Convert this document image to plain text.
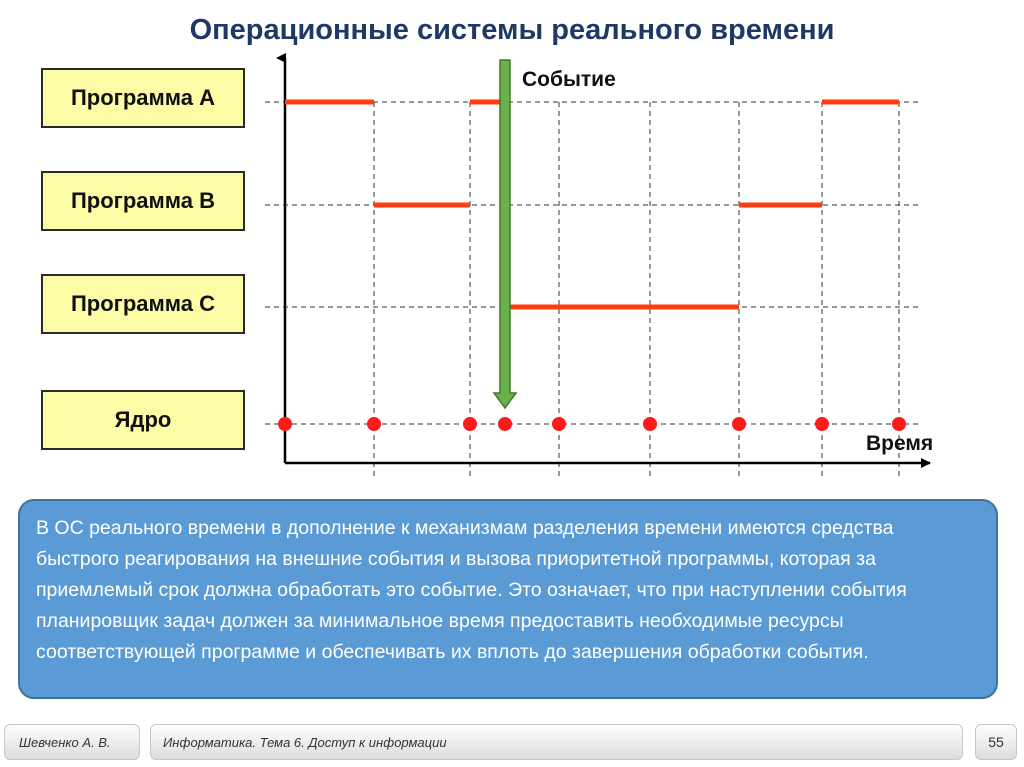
Операционные системы реального времени
Программа A
Программа B
Программа C
Ядро
Событие
Время
В ОС реального времени в дополнение к механизмам разделения времени имеются средства быстрого реагирования на внешние события и вызова приоритетной программы, которая за приемлемый срок должна обработать это событие. Это означает, что при наступлении события планировщик задач должен за минимальное время предоставить необходимые ресурсы соответствующей программе и обеспечивать их вплоть до завершения обработки события.
Шевченко А. В.	Информатика. Тема 6. Доступ к информации	55
